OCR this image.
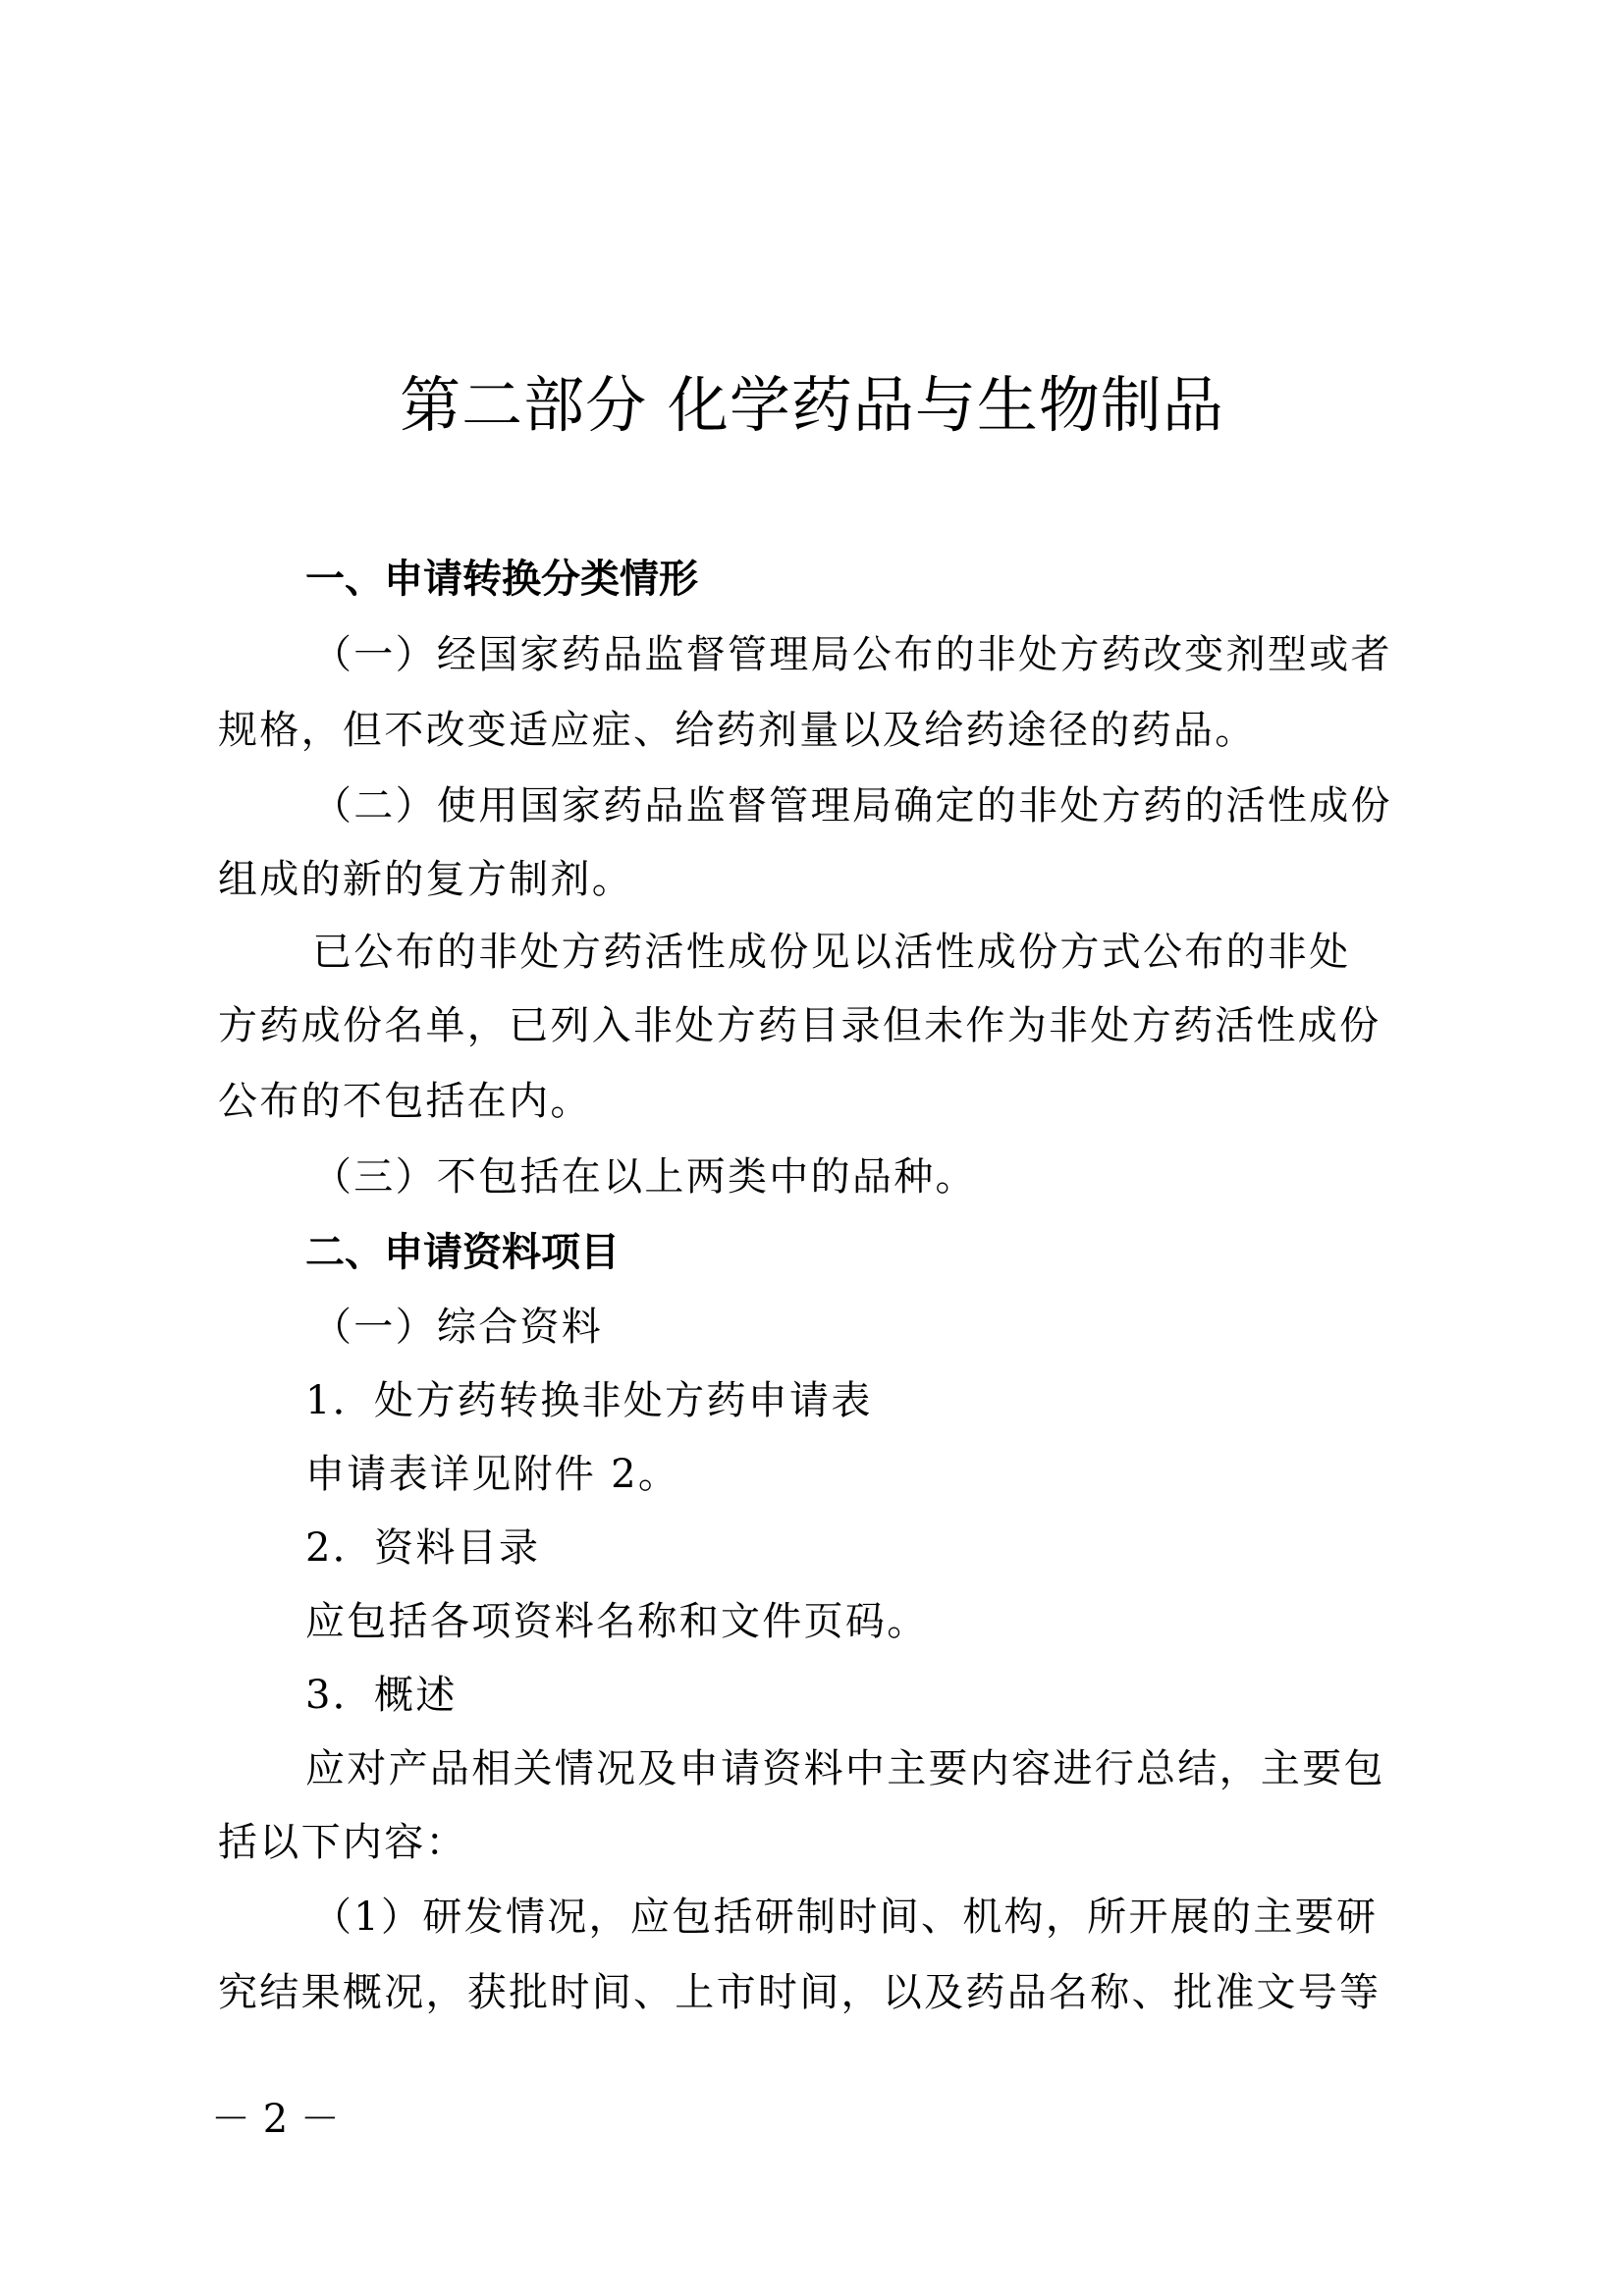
第二部分 化学药品与生物制品
一、申请转换分类情形
（一）经国家药品监督管理局公布的非处方药改变剂型或者
规格，但不改变适应症、给药剂量以及给药途径的药品。
（二）使用国家药品监督管理局确定的非处方药的活性成份
组成的新的复方制剂。
已公布的非处方药活性成份见以活性成份方式公布的非处
方药成份名单，已列入非处方药目录但未作为非处方药活性成份
公布的不包括在内。
（三）不包括在以上两类中的品种。
二、申请资料项目
（一）综合资料
1．处方药转换非处方药申请表
申请表详见附件 2。
2．资料目录
应包括各项资料名称和文件页码。
3．概述
应对产品相关情况及申请资料中主要内容进行总结，主要包
括以下内容：
（1）研发情况，应包括研制时间、机构，所开展的主要研
究结果概况，获批时间、上市时间，以及药品名称、批准文号等
－ 2 －
